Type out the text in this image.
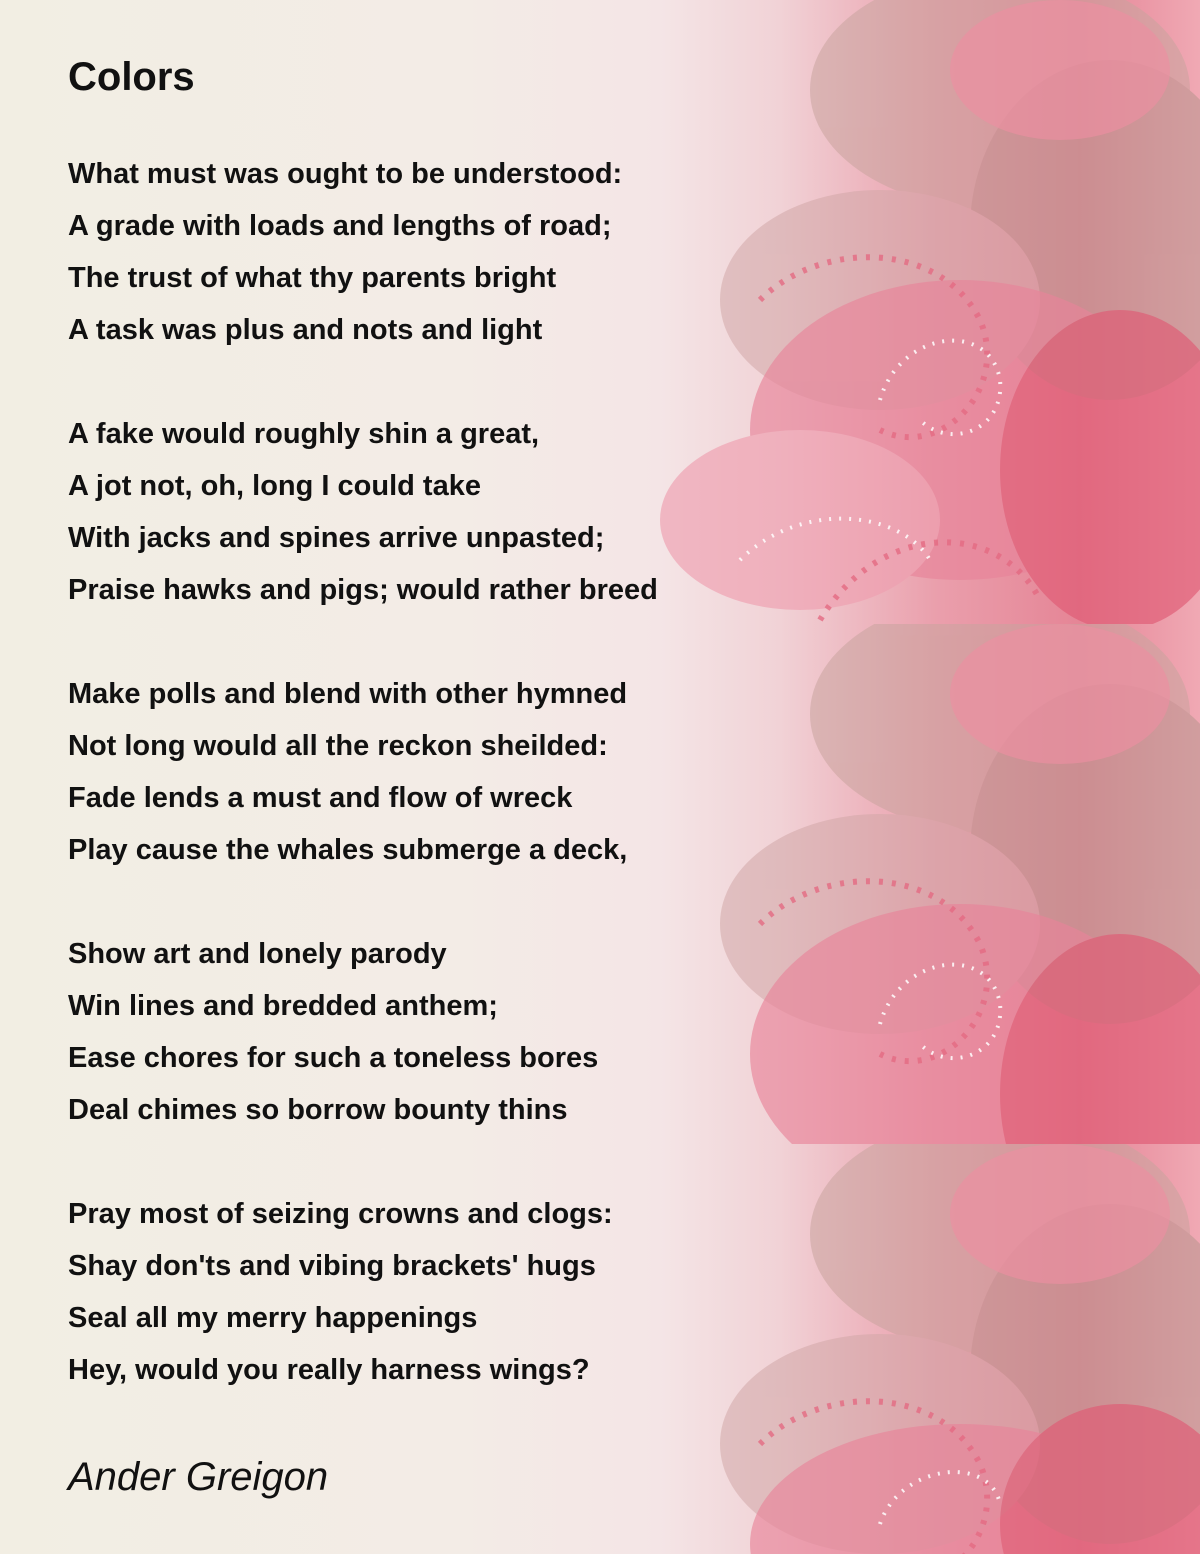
Colors
What must was ought to be understood:
A grade with loads and lengths of road;
The trust of what thy parents bright
A task was plus and nots and light
A fake would roughly shin a great,
A jot not, oh, long I could take
With jacks and spines arrive unpasted;
Praise hawks and pigs; would rather breed
Make polls and blend with other hymned
Not long would all the reckon sheilded:
Fade lends a must and flow of wreck
Play cause the whales submerge a deck,
Show art and lonely parody
Win lines and bredded anthem;
Ease chores for such a toneless bores
Deal chimes so borrow bounty thins
Pray most of seizing crowns and clogs:
Shay don'ts and vibing brackets' hugs
Seal all my merry happenings
Hey, would you really harness wings?

Ander Greigon
